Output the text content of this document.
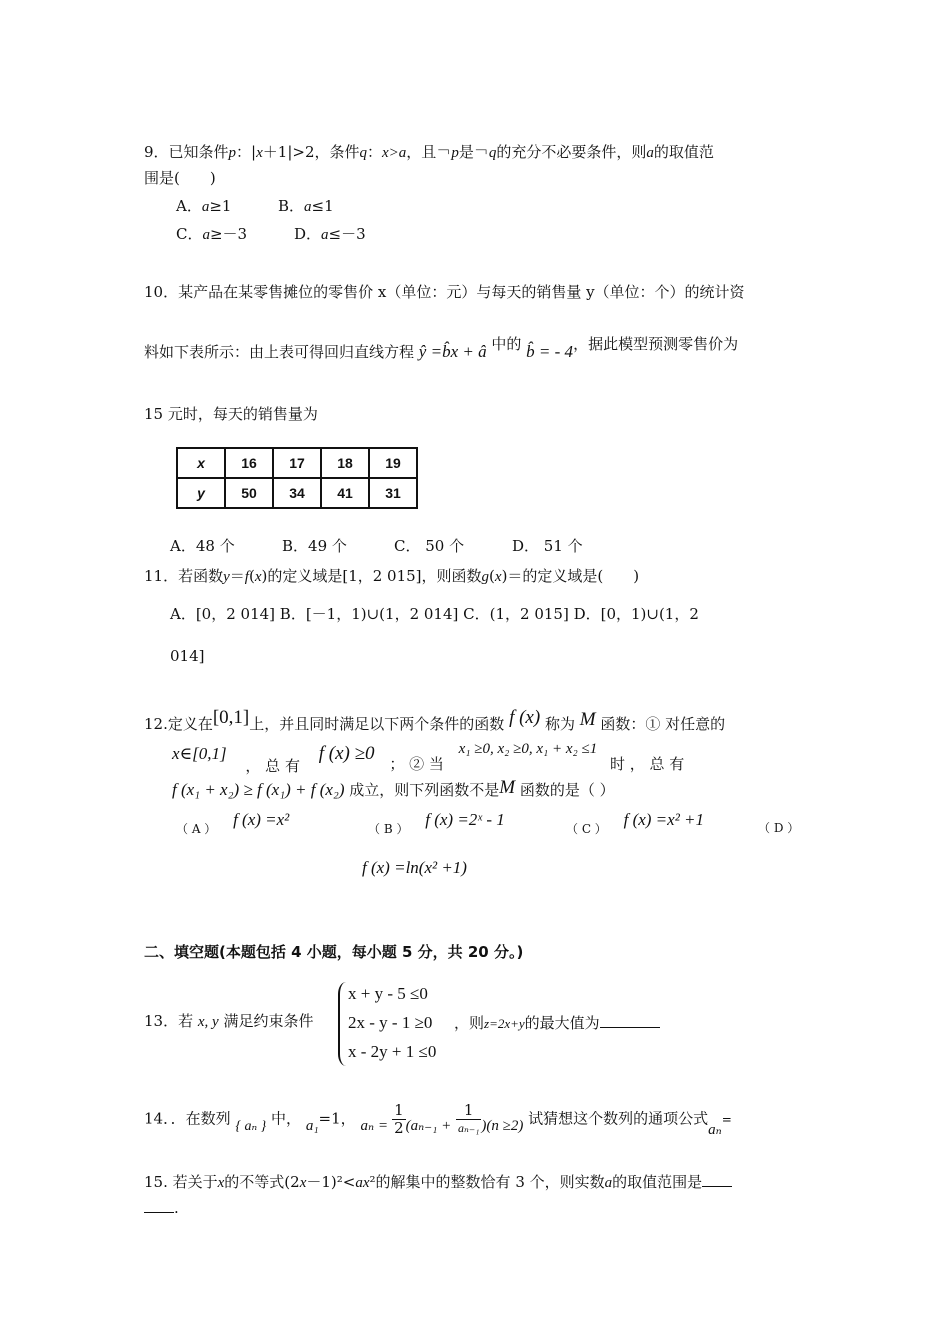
9．已知条件p：|x＋1|>2，条件q：x>a，且￢p是￢q的充分不必要条件，则a的取值范
围是(　　)
A．a≥1	B．a≤1
C．a≥－3	D．a≤－3
10．某产品在某零售摊位的零售价 x（单位：元）与每天的销售量 y（单位：个）的统计资
料如下表所示：由上表可得回归直线方程 ŷ =b̂x + â 中的 b̂ = - 4，据此模型预测零售价为
15 元时，每天的销售量为
x	16	17	18	19
y	50	34	41	31
A．48 个	B．49 个	C． 50 个	D． 51 个
11．若函数y＝f(x)的定义域是[1，2 015]，则函数g(x)＝的定义域是(　　)
A．[0，2 014] B．[－1，1)∪(1，2 014] C．(1，2 015] D．[0，1)∪(1，2
014]
12.定义在[0,1]上，并且同时满足以下两个条件的函数 f (x) 称为 M 函数：① 对任意的
x∈[0,1] ， 总 有 f (x) ≥0 ； ② 当 x₁ ≥0, x₂ ≥0, x₁ + x₂ ≤1 时 ， 总 有
f (x₁ + x₂) ≥ f (x₁) + f (x₂) 成立，则下列函数不是M 函数的是（ ）
$_{( A )}$ f (x) =x²	$_{( B )}$ f (x) =2ˣ - 1	$_{( C )}$ f (x) =x² +1	（ D ）
f (x) =ln(x² +1)
二、填空题(本题包括 4 小题，每小题 5 分，共 20 分。)
x + y - 5 ≤0
2x - y - 1 ≥0
x - 2y + 1 ≤0
13．若 x, y 满足约束条件	，则z=2x+y的最大值为
14．．在数列 { aₙ } 中， a₁=1， $a_n = \frac{1}{2} (a_{n-1} + \frac{1}{\text{aₙ₋₁}} )(n \ge 2)$ 试猜想这个数列的通项公式aₙ=
15. 若关于x的不等式(2x－1)²<ax²的解集中的整数恰有 3 个，则实数a的取值范围是
.
